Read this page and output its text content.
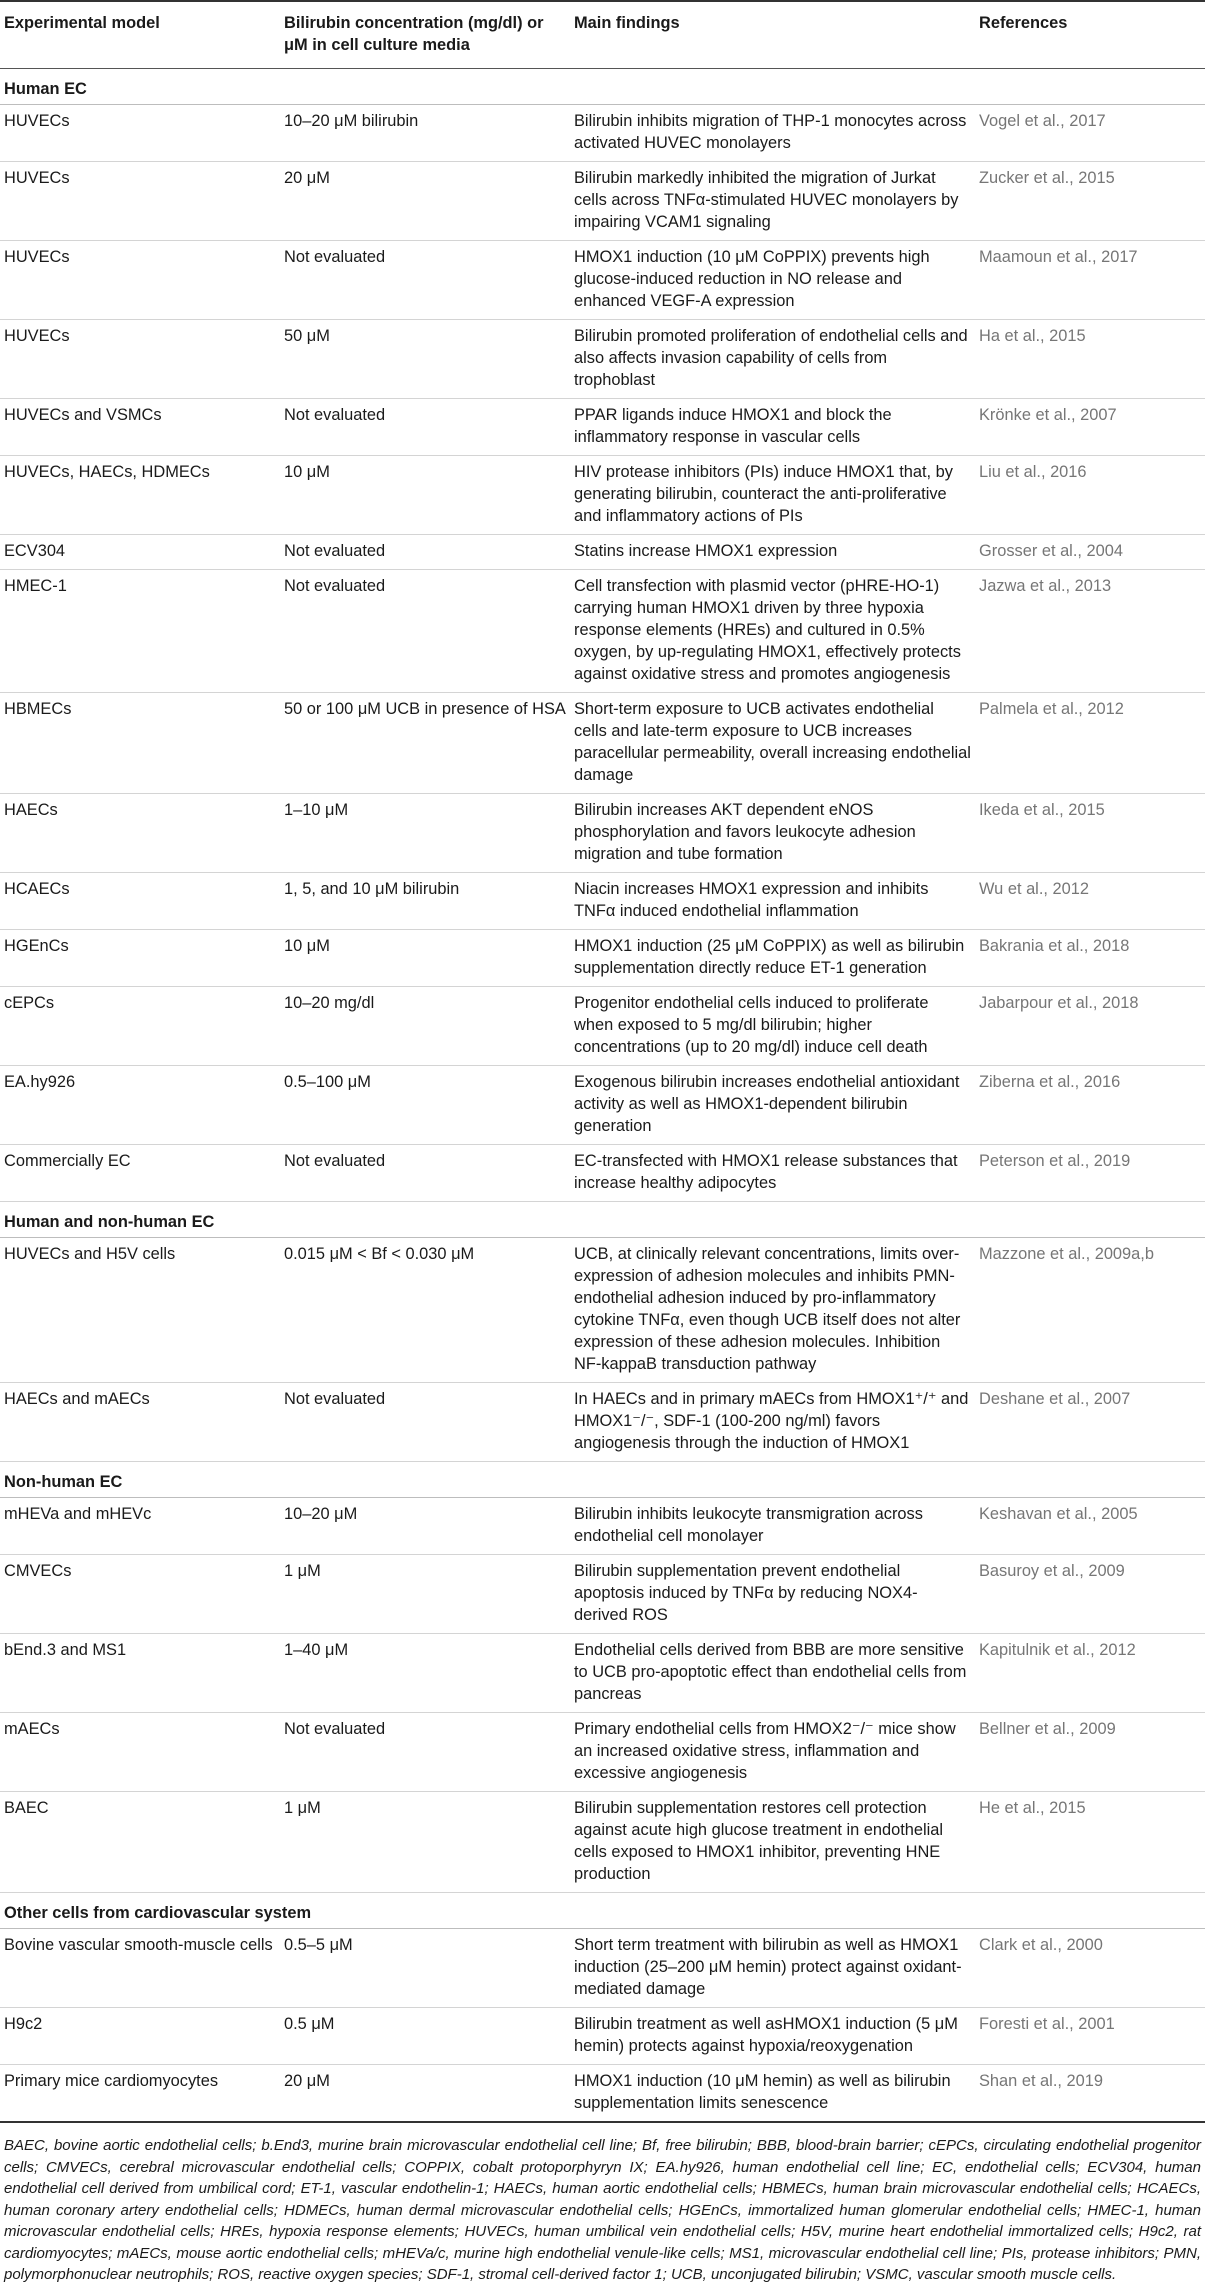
Experimental model	Bilirubin concentration (mg/dl) or μM in cell culture media	Main findings	References
Human EC			
HUVECs	10–20 μM bilirubin	Bilirubin inhibits migration of THP-1 monocytes across activated HUVEC monolayers	Vogel et al., 2017
HUVECs	20 μM	Bilirubin markedly inhibited the migration of Jurkat cells across TNFα-stimulated HUVEC monolayers by impairing VCAM1 signaling	Zucker et al., 2015
HUVECs	Not evaluated	HMOX1 induction (10 μM CoPPIX) prevents high glucose-induced reduction in NO release and enhanced VEGF-A expression	Maamoun et al., 2017
HUVECs	50 μM	Bilirubin promoted proliferation of endothelial cells and also affects invasion capability of cells from trophoblast	Ha et al., 2015
HUVECs and VSMCs	Not evaluated	PPAR ligands induce HMOX1 and block the inflammatory response in vascular cells	Krönke et al., 2007
HUVECs, HAECs, HDMECs	10 μM	HIV protease inhibitors (PIs) induce HMOX1 that, by generating bilirubin, counteract the anti-proliferative and inflammatory actions of PIs	Liu et al., 2016
ECV304	Not evaluated	Statins increase HMOX1 expression	Grosser et al., 2004
HMEC-1	Not evaluated	Cell transfection with plasmid vector (pHRE-HO-1) carrying human HMOX1 driven by three hypoxia response elements (HREs) and cultured in 0.5% oxygen, by up-regulating HMOX1, effectively protects against oxidative stress and promotes angiogenesis	Jazwa et al., 2013
HBMECs	50 or 100 μM UCB in presence of HSA	Short-term exposure to UCB activates endothelial cells and late-term exposure to UCB increases paracellular permeability, overall increasing endothelial damage	Palmela et al., 2012
HAECs	1–10 μM	Bilirubin increases AKT dependent eNOS phosphorylation and favors leukocyte adhesion migration and tube formation	Ikeda et al., 2015
HCAECs	1, 5, and 10 μM bilirubin	Niacin increases HMOX1 expression and inhibits TNFα induced endothelial inflammation	Wu et al., 2012
HGEnCs	10 μM	HMOX1 induction (25 μM CoPPIX) as well as bilirubin supplementation directly reduce ET-1 generation	Bakrania et al., 2018
cEPCs	10–20 mg/dl	Progenitor endothelial cells induced to proliferate when exposed to 5 mg/dl bilirubin; higher concentrations (up to 20 mg/dl) induce cell death	Jabarpour et al., 2018
EA.hy926	0.5–100 μM	Exogenous bilirubin increases endothelial antioxidant activity as well as HMOX1-dependent bilirubin generation	Ziberna et al., 2016
Commercially EC	Not evaluated	EC-transfected with HMOX1 release substances that increase healthy adipocytes	Peterson et al., 2019
Human and non-human EC			
HUVECs and H5V cells	0.015 μM < Bf < 0.030 μM	UCB, at clinically relevant concentrations, limits over-expression of adhesion molecules and inhibits PMN-endothelial adhesion induced by pro-inflammatory cytokine TNFα, even though UCB itself does not alter expression of these adhesion molecules. Inhibition NF-kappaB transduction pathway	Mazzone et al., 2009a,b
HAECs and mAECs	Not evaluated	In HAECs and in primary mAECs from HMOX1⁺/⁺ and HMOX1⁻/⁻, SDF-1 (100-200 ng/ml) favors angiogenesis through the induction of HMOX1	Deshane et al., 2007
Non-human EC			
mHEVa and mHEVc	10–20 μM	Bilirubin inhibits leukocyte transmigration across endothelial cell monolayer	Keshavan et al., 2005
CMVECs	1 μM	Bilirubin supplementation prevent endothelial apoptosis induced by TNFα by reducing NOX4-derived ROS	Basuroy et al., 2009
bEnd.3 and MS1	1–40 μM	Endothelial cells derived from BBB are more sensitive to UCB pro-apoptotic effect than endothelial cells from pancreas	Kapitulnik et al., 2012
mAECs	Not evaluated	Primary endothelial cells from HMOX2⁻/⁻ mice show an increased oxidative stress, inflammation and excessive angiogenesis	Bellner et al., 2009
BAEC	1 μM	Bilirubin supplementation restores cell protection against acute high glucose treatment in endothelial cells exposed to HMOX1 inhibitor, preventing HNE production	He et al., 2015
Other cells from cardiovascular system			
Bovine vascular smooth-muscle cells	0.5–5 μM	Short term treatment with bilirubin as well as HMOX1 induction (25–200 μM hemin) protect against oxidant-mediated damage	Clark et al., 2000
H9c2	0.5 μM	Bilirubin treatment as well asHMOX1 induction (5 μM hemin) protects against hypoxia/reoxygenation	Foresti et al., 2001
Primary mice cardiomyocytes	20 μM	HMOX1 induction (10 μM hemin) as well as bilirubin supplementation limits senescence	Shan et al., 2019
BAEC, bovine aortic endothelial cells; b.End3, murine brain microvascular endothelial cell line; Bf, free bilirubin; BBB, blood-brain barrier; cEPCs, circulating endothelial progenitor cells; CMVECs, cerebral microvascular endothelial cells; COPPIX, cobalt protoporphyryn IX; EA.hy926, human endothelial cell line; EC, endothelial cells; ECV304, human endothelial cell derived from umbilical cord; ET-1, vascular endothelin-1; HAECs, human aortic endothelial cells; HBMECs, human brain microvascular endothelial cells; HCAECs, human coronary artery endothelial cells; HDMECs, human dermal microvascular endothelial cells; HGEnCs, immortalized human glomerular endothelial cells; HMEC-1, human microvascular endothelial cells; HREs, hypoxia response elements; HUVECs, human umbilical vein endothelial cells; H5V, murine heart endothelial immortalized cells; H9c2, rat cardiomyocytes; mAECs, mouse aortic endothelial cells; mHEVa/c, murine high endothelial venule-like cells; MS1, microvascular endothelial cell line; PIs, protease inhibitors; PMN, polymorphonuclear neutrophils; ROS, reactive oxygen species; SDF-1, stromal cell-derived factor 1; UCB, unconjugated bilirubin; VSMC, vascular smooth muscle cells.
